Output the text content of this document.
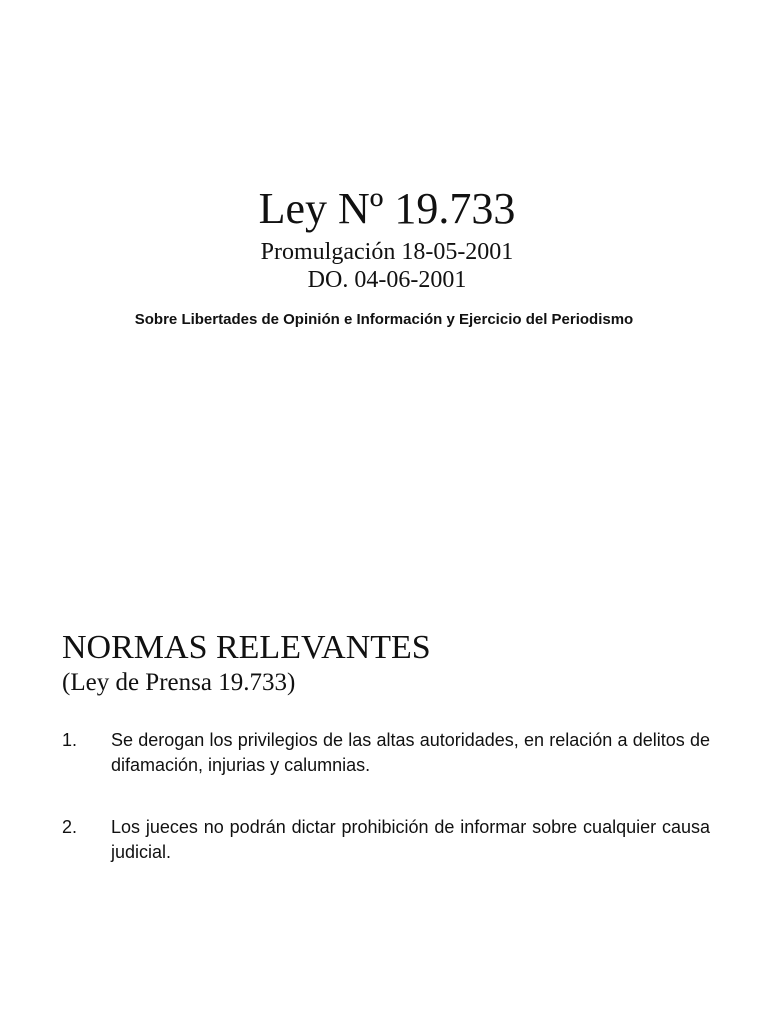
Ley Nº 19.733

Promulgación 18-05-2001

DO. 04-06-2001

Sobre Libertades de Opinión e Información y Ejercicio del Periodismo

NORMAS RELEVANTES

(Ley de Prensa 19.733)

1.	Se derogan los privilegios de las altas autoridades, en relación a delitos de difamación, injurias y calumnias.
2.	Los jueces no podrán dictar prohibición de informar sobre cualquier causa judicial.
